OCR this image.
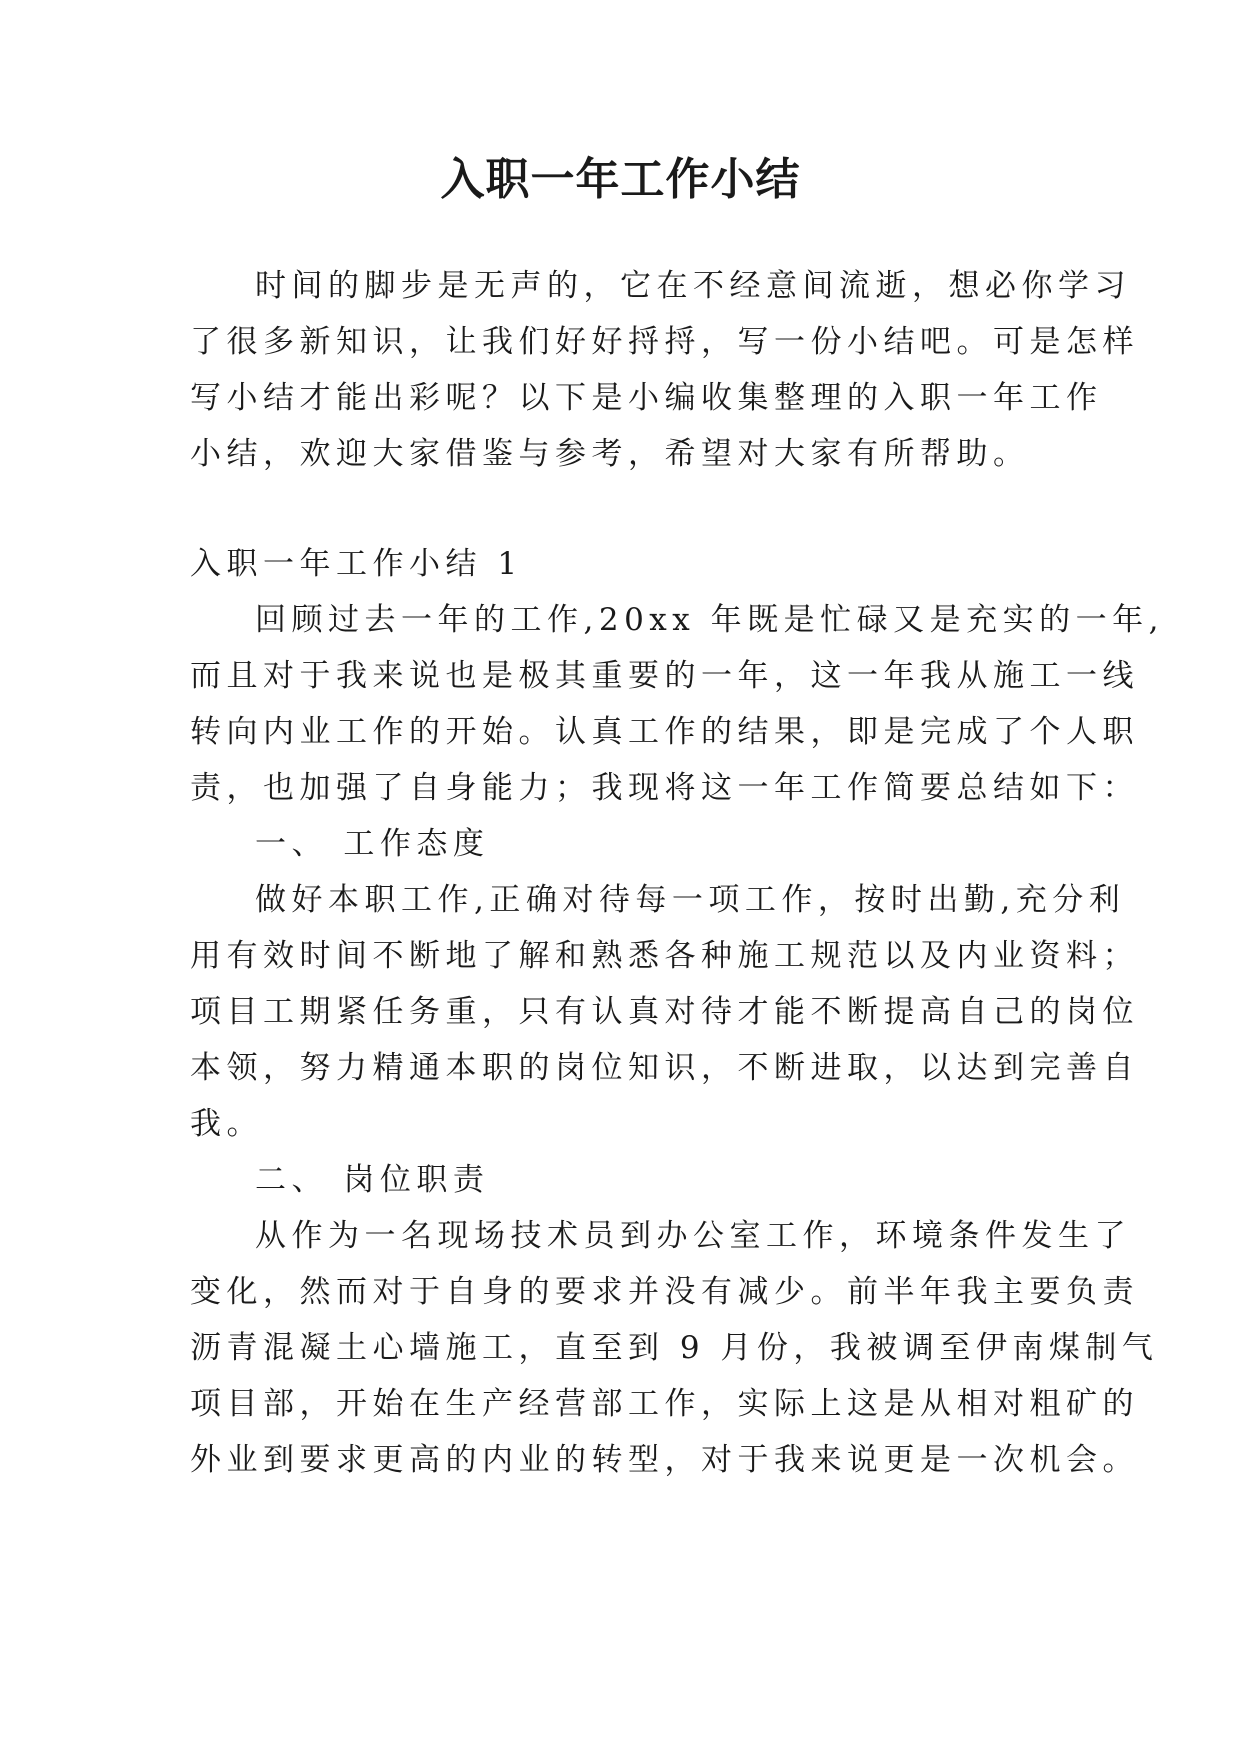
入职一年工作小结
时间的脚步是无声的，它在不经意间流逝，想必你学习
了很多新知识，让我们好好捋捋，写一份小结吧。可是怎样
写小结才能出彩呢？以下是小编收集整理的入职一年工作
小结，欢迎大家借鉴与参考，希望对大家有所帮助。
入职一年工作小结 1
回顾过去一年的工作,20xx 年既是忙碌又是充实的一年,
而且对于我来说也是极其重要的一年，这一年我从施工一线
转向内业工作的开始。认真工作的结果，即是完成了个人职
责，也加强了自身能力；我现将这一年工作简要总结如下：
一、 工作态度
做好本职工作,正确对待每一项工作，按时出勤,充分利
用有效时间不断地了解和熟悉各种施工规范以及内业资料；
项目工期紧任务重，只有认真对待才能不断提高自己的岗位
本领，努力精通本职的岗位知识，不断进取，以达到完善自
我。
二、 岗位职责
从作为一名现场技术员到办公室工作，环境条件发生了
变化，然而对于自身的要求并没有减少。前半年我主要负责
沥青混凝土心墙施工，直至到 9 月份，我被调至伊南煤制气
项目部，开始在生产经营部工作，实际上这是从相对粗矿的
外业到要求更高的内业的转型，对于我来说更是一次机会。
